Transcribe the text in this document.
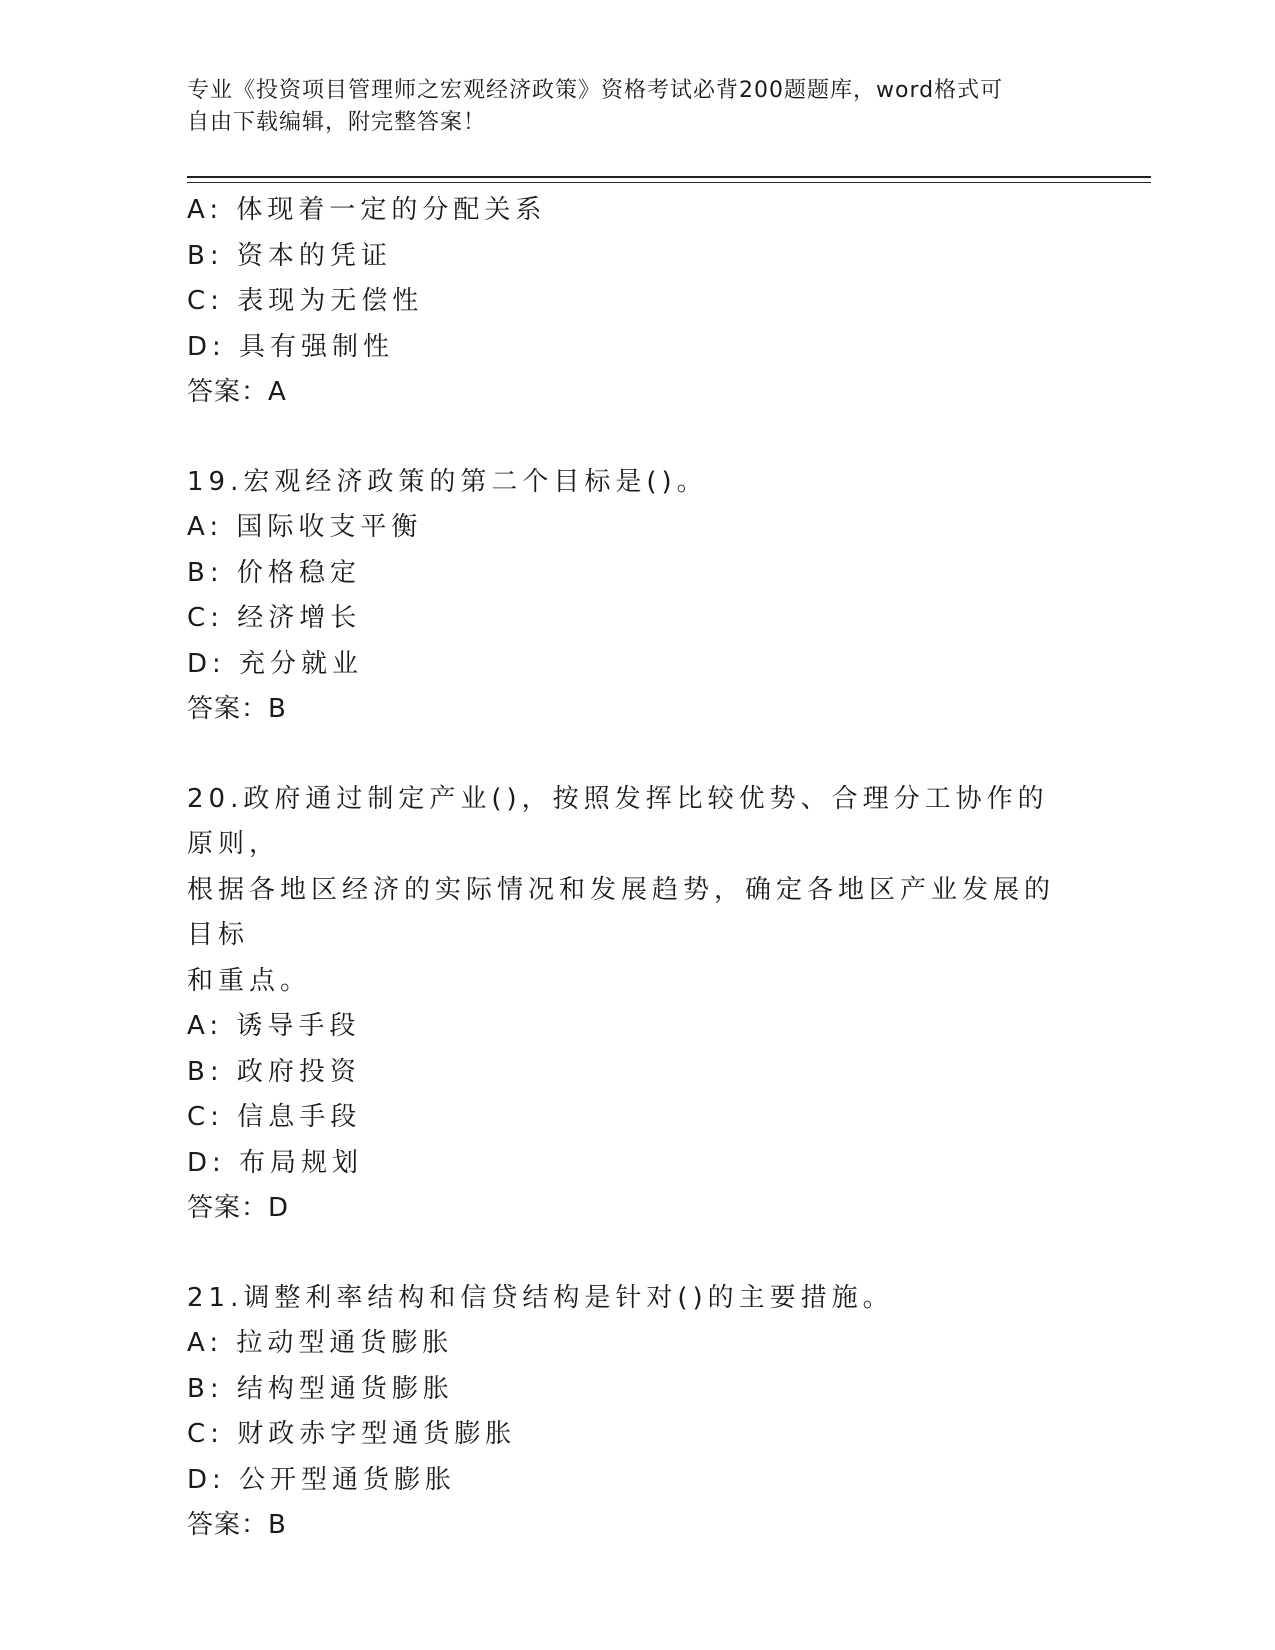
专业《投资项目管理师之宏观经济政策》资格考试必背200题题库，word格式可
自由下载编辑，附完整答案！
A: 体现着一定的分配关系
B: 资本的凭证
C: 表现为无偿性
D: 具有强制性
答案：A
19.宏观经济政策的第二个目标是()。
A: 国际收支平衡
B: 价格稳定
C: 经济增长
D: 充分就业
答案：B
20.政府通过制定产业()，按照发挥比较优势、合理分工协作的原则，
根据各地区经济的实际情况和发展趋势，确定各地区产业发展的目标
和重点。
A: 诱导手段
B: 政府投资
C: 信息手段
D: 布局规划
答案：D
21.调整利率结构和信贷结构是针对()的主要措施。
A: 拉动型通货膨胀
B: 结构型通货膨胀
C: 财政赤字型通货膨胀
D: 公开型通货膨胀
答案：B
